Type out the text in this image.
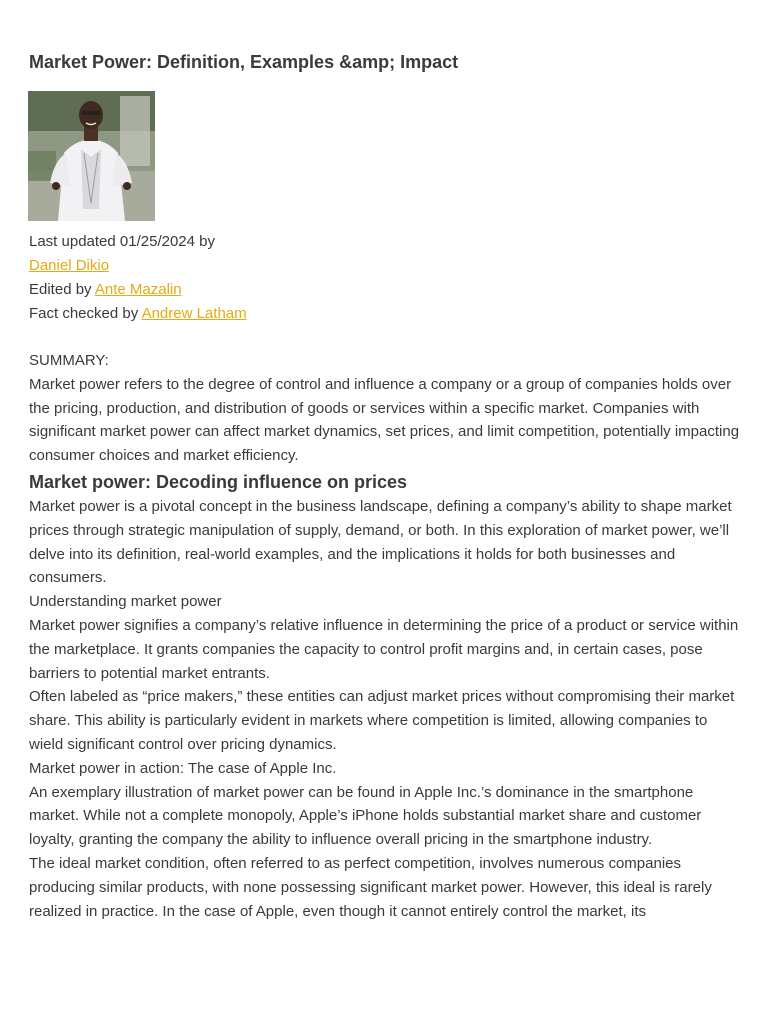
Market Power: Definition, Examples &amp; Impact
Last updated 01/25/2024 by
Daniel Dikio
Edited by Ante Mazalin
Fact checked by Andrew Latham

SUMMARY:

Market power refers to the degree of control and influence a company or a group of companies holds over the pricing, production, and distribution of goods or services within a specific market. Companies with significant market power can affect market dynamics, set prices, and limit competition, potentially impacting consumer choices and market efficiency.

Market power: Decoding influence on prices

Market power is a pivotal concept in the business landscape, defining a company’s ability to shape market prices through strategic manipulation of supply, demand, or both. In this exploration of market power, we’ll delve into its definition, real-world examples, and the implications it holds for both businesses and consumers.

Understanding market power

Market power signifies a company’s relative influence in determining the price of a product or service within the marketplace. It grants companies the capacity to control profit margins and, in certain cases, pose barriers to potential market entrants.

Often labeled as “price makers,” these entities can adjust market prices without compromising their market share. This ability is particularly evident in markets where competition is limited, allowing companies to wield significant control over pricing dynamics.

Market power in action: The case of Apple Inc.

An exemplary illustration of market power can be found in Apple Inc.’s dominance in the smartphone market. While not a complete monopoly, Apple’s iPhone holds substantial market share and customer loyalty, granting the company the ability to influence overall pricing in the smartphone industry.

The ideal market condition, often referred to as perfect competition, involves numerous companies producing similar products, with none possessing significant market power. However, this ideal is rarely realized in practice. In the case of Apple, even though it cannot entirely control the market, its
